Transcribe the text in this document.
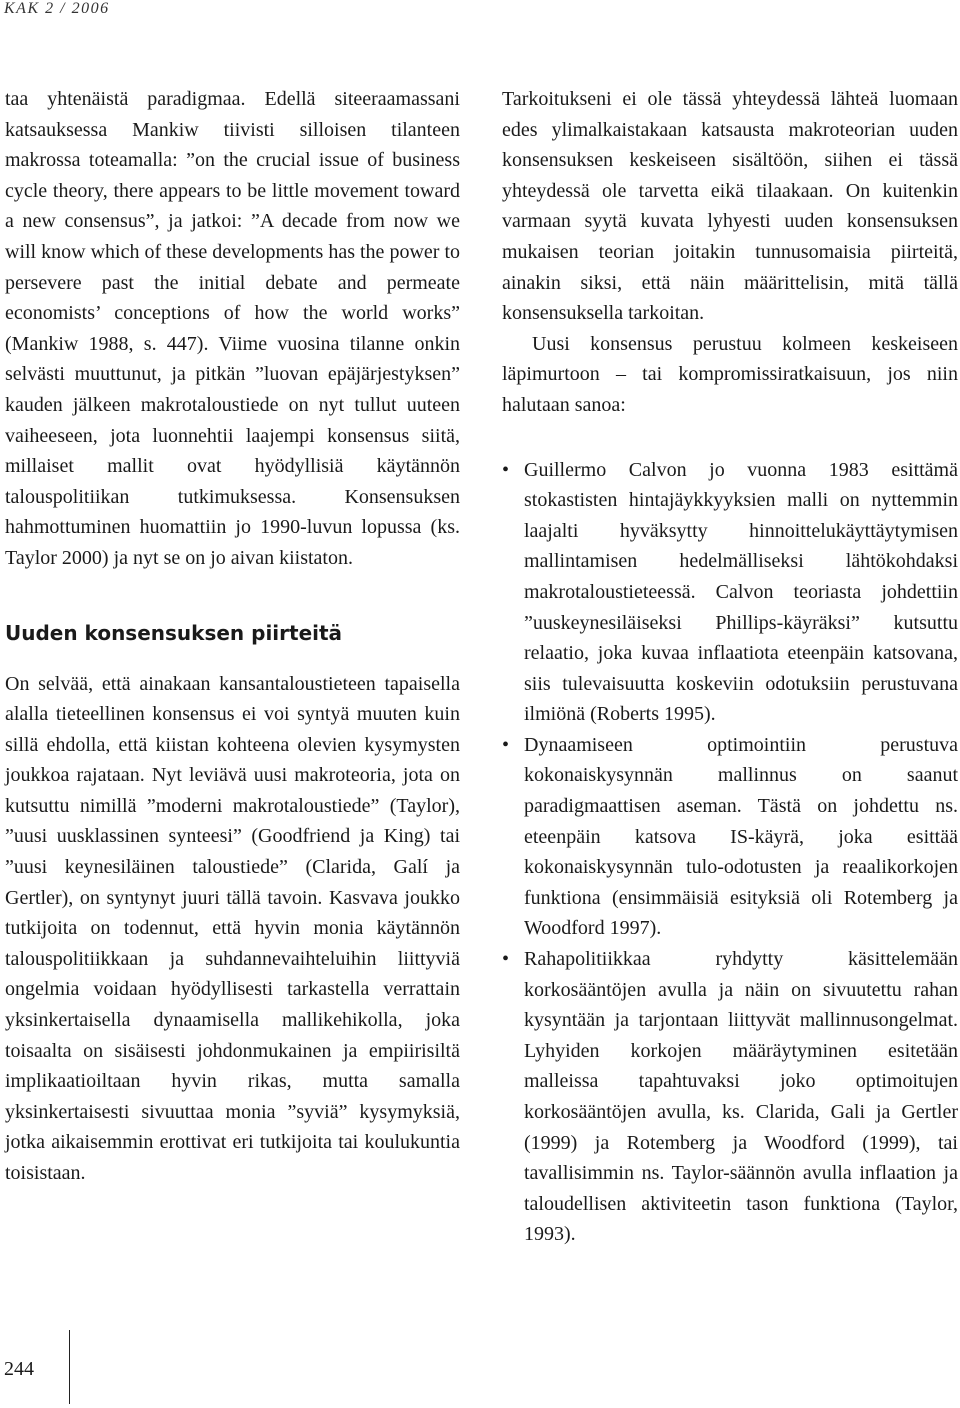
KAK 2 / 2006

taa yhtenäistä paradigmaa. Edellä siteeraamassani katsauksessa Mankiw tiivisti silloisen tilanteen makrossa toteamalla: ”on the crucial issue of business cycle theory, there appears to be little movement toward a new consensus”, ja jatkoi: ”A decade from now we will know which of these developments has the power to persevere past the initial debate and permeate economists’ conceptions of how the world works” (Mankiw 1988, s. 447). Viime vuosina tilanne onkin selvästi muuttunut, ja pitkän ”luovan epäjärjestyksen” kauden jälkeen makrotaloustiede on nyt tullut uuteen vaiheeseen, jota luonnehtii laajempi konsensus siitä, millaiset mallit ovat hyödyllisiä käytännön talouspolitiikan tutkimuksessa. Konsensuksen hahmottuminen huomattiin jo 1990-luvun lopussa (ks. Taylor 2000) ja nyt se on jo aivan kiistaton.

Uuden konsensuksen piirteitä

On selvää, että ainakaan kansantaloustieteen tapaisella alalla tieteellinen konsensus ei voi syntyä muuten kuin sillä ehdolla, että kiistan kohteena olevien kysymysten joukkoa rajataan. Nyt leviävä uusi makroteoria, jota on kutsuttu nimillä ”moderni makrotaloustiede” (Taylor), ”uusi uusklassinen synteesi” (Goodfriend ja King) tai ”uusi keynesiläinen taloustiede” (Clarida, Galí ja Gertler), on syntynyt juuri tällä tavoin. Kasvava joukko tutkijoita on todennut, että hyvin monia käytännön talouspolitiikkaan ja suhdannevaihteluihin liittyviä ongelmia voidaan hyödyllisesti tarkastella verrattain yksinkertaisella dynaamisella mallikehikolla, joka toisaalta on sisäisesti johdonmukainen ja empiirisiltä implikaatioiltaan hyvin rikas, mutta samalla yksinkertaisesti sivuuttaa monia ”syviä” kysymyksiä, jotka aikaisemmin erottivat eri tutkijoita tai koulukuntia toisistaan.

Tarkoitukseni ei ole tässä yhteydessä lähteä luomaan edes ylimalkaistakaan katsausta makroteorian uuden konsensuksen keskeiseen sisältöön, siihen ei tässä yhteydessä ole tarvetta eikä tilaakaan. On kuitenkin varmaan syytä kuvata lyhyesti uuden konsensuksen mukaisen teorian joitakin tunnusomaisia piirteitä, ainakin siksi, että näin määrittelisin, mitä tällä konsensuksella tarkoitan.

Uusi konsensus perustuu kolmeen keskeiseen läpimurtoon – tai kompromissiratkaisuun, jos niin halutaan sanoa:

• Guillermo Calvon jo vuonna 1983 esittämä stokastisten hintajäykkyyksien malli on nyttemmin laajalti hyväksytty hinnoittelukäyttäytymisen mallintamisen hedelmälliseksi lähtökohdaksi makrotaloustieteessä. Calvon teoriasta johdettiin ”uuskeynesiläiseksi Phillips-käyräksi” kutsuttu relaatio, joka kuvaa inflaatiota eteenpäin katsovana, siis tulevaisuutta koskeviin odotuksiin perustuvana ilmiönä (Roberts 1995).
• Dynaamiseen optimointiin perustuva kokonaiskysynnän mallinnus on saanut paradigmaattisen aseman. Tästä on johdettu ns. eteenpäin katsova IS-käyrä, joka esittää kokonaiskysynnän tulo-odotusten ja reaalikorkojen funktiona (ensimmäisiä esityksiä oli Rotemberg ja Woodford 1997).
• Rahapolitiikkaa ryhdytty käsittelemään korkosääntöjen avulla ja näin on sivuutettu rahan kysyntään ja tarjontaan liittyvät mallinnusongelmat. Lyhyiden korkojen määräytyminen esitetään malleissa tapahtuvaksi joko optimoitujen korkosääntöjen avulla, ks. Clarida, Gali ja Gertler (1999) ja Rotemberg ja Woodford (1999), tai tavallisimmin ns. Taylor-säännön avulla inflaation ja taloudellisen aktiviteetin tason funktiona (Taylor, 1993).
244
